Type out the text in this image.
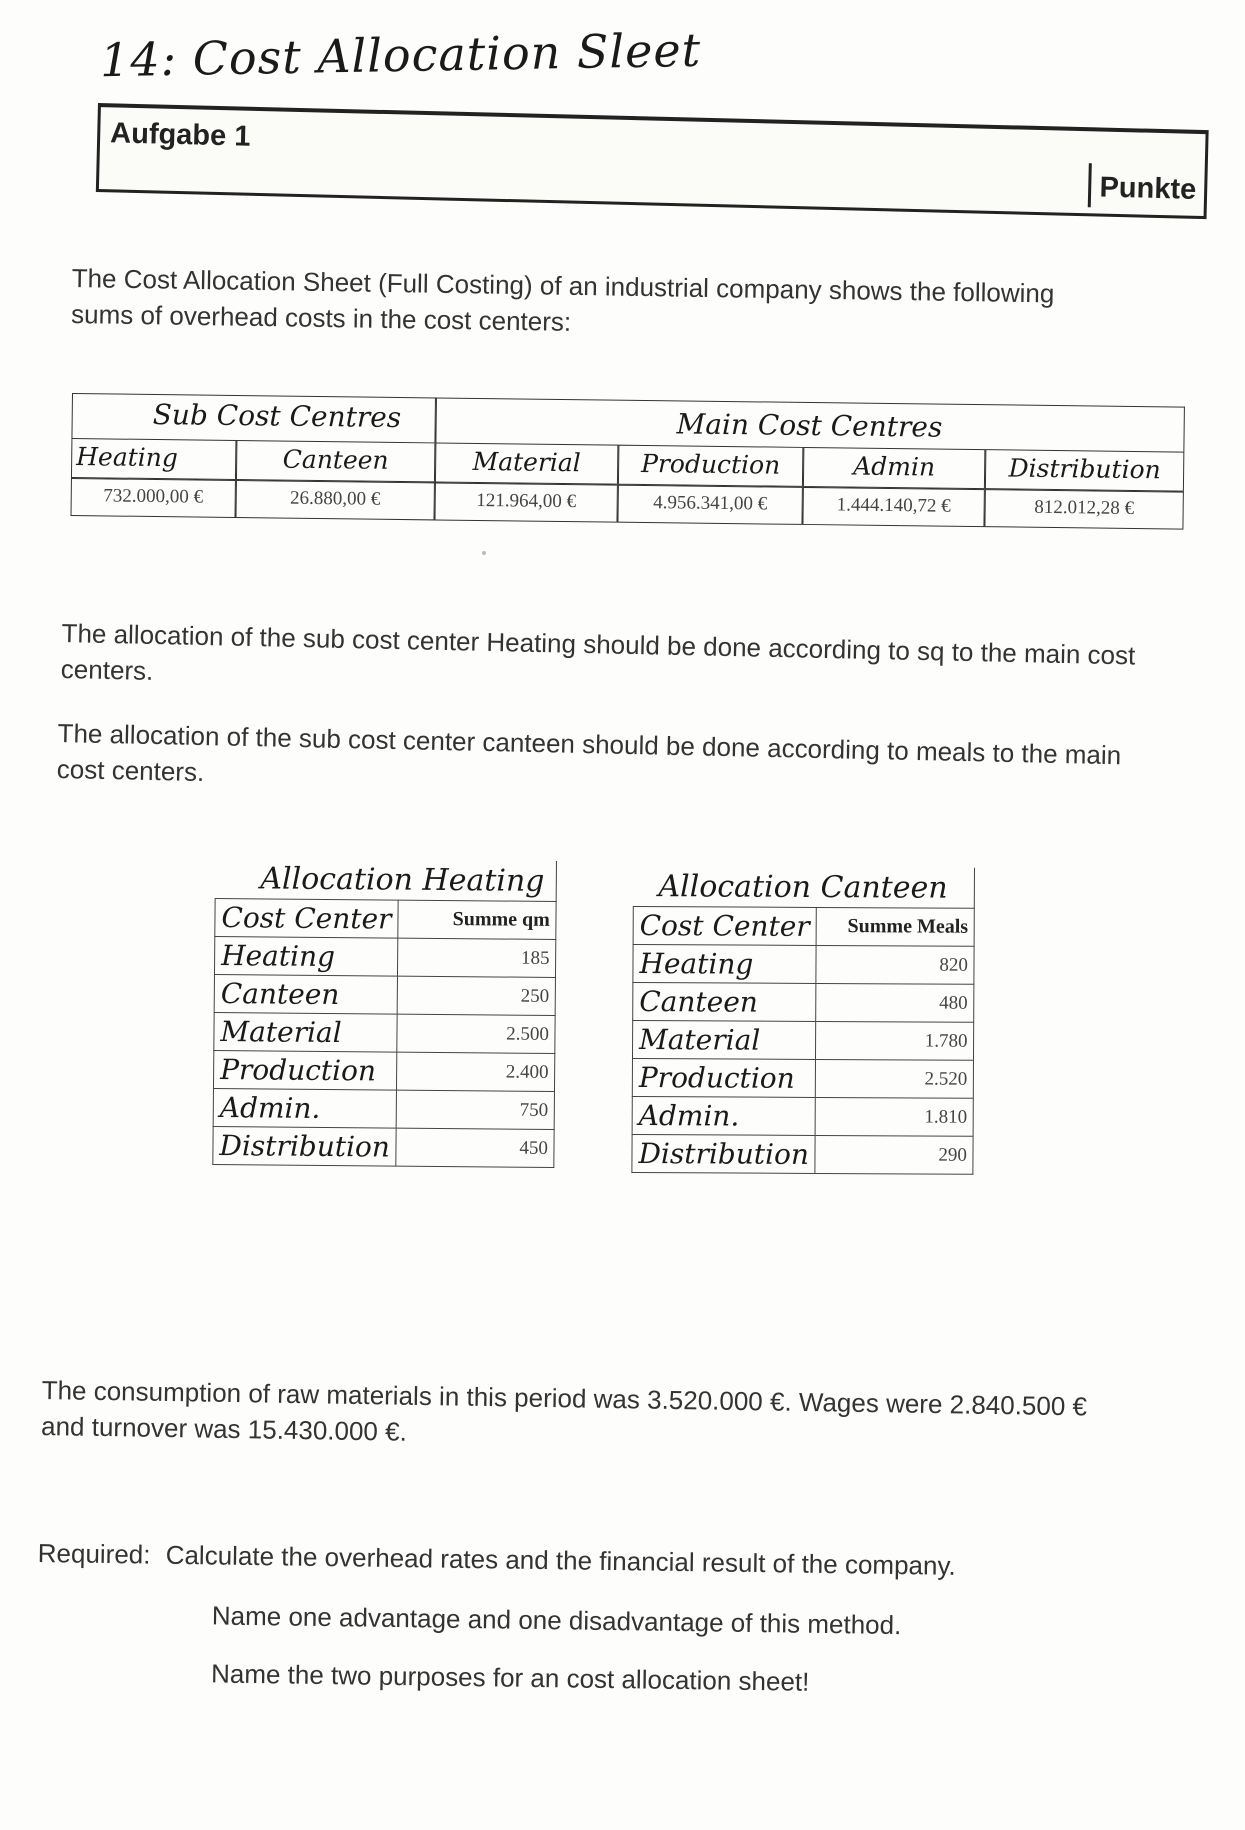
14: Cost Allocation Sleet
Aufgabe 1
Punkte
The Cost Allocation Sheet (Full Costing) of an industrial company shows the following sums of overhead costs in the cost centers:
Sub Cost Centres	Main Cost Centres
Heating	Canteen	Material	Production	Admin	Distribution
732.000,00 €	26.880,00 €	121.964,00 €	4.956.341,00 €	1.444.140,72 €	812.012,28 €
The allocation of the sub cost center Heating should be done according to sq to the main cost centers.
The allocation of the sub cost center canteen should be done according to meals to the main cost centers.
Allocation Heating	
Cost Center	Summe qm
Heating	185
Canteen	250
Material	2.500
Production	2.400
Admin.	750
Distribution	450
Allocation Canteen	
Cost Center	Summe Meals
Heating	820
Canteen	480
Material	1.780
Production	2.520
Admin.	1.810
Distribution	290
The consumption of raw materials in this period was 3.520.000 €. Wages were 2.840.500 € and turnover was 15.430.000 €.
Required: Calculate the overhead rates and the financial result of the company.
Name one advantage and one disadvantage of this method.
Name the two purposes for an cost allocation sheet!
